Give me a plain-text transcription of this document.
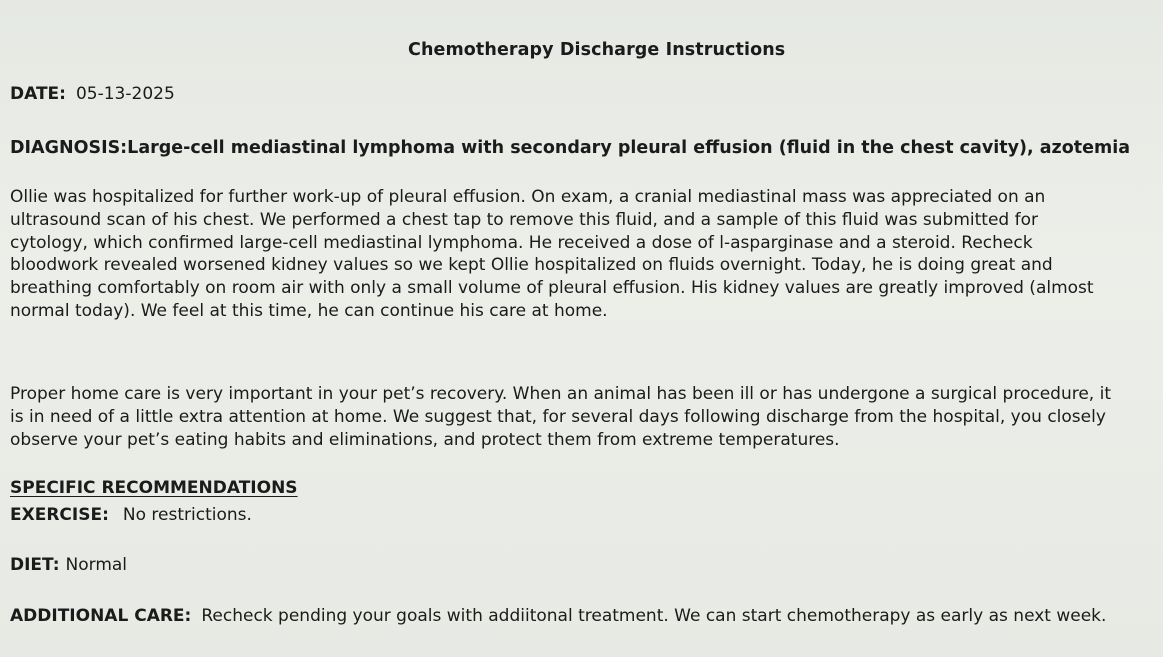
Chemotherapy Discharge Instructions
DATE: 05-13-2025
DIAGNOSIS:Large-cell mediastinal lymphoma with secondary pleural effusion (fluid in the chest cavity), azotemia
Ollie was hospitalized for further work-up of pleural effusion. On exam, a cranial mediastinal mass was appreciated on an
ultrasound scan of his chest. We performed a chest tap to remove this fluid, and a sample of this fluid was submitted for
cytology, which confirmed large-cell mediastinal lymphoma. He received a dose of l-asparginase and a steroid. Recheck
bloodwork revealed worsened kidney values so we kept Ollie hospitalized on fluids overnight. Today, he is doing great and
breathing comfortably on room air with only a small volume of pleural effusion. His kidney values are greatly improved (almost
normal today). We feel at this time, he can continue his care at home.
Proper home care is very important in your pet’s recovery. When an animal has been ill or has undergone a surgical procedure, it
is in need of a little extra attention at home. We suggest that, for several days following discharge from the hospital, you closely
observe your pet’s eating habits and eliminations, and protect them from extreme temperatures.
SPECIFIC RECOMMENDATIONS
EXERCISE: No restrictions.
DIET: Normal
ADDITIONAL CARE: Recheck pending your goals with addiitonal treatment. We can start chemotherapy as early as next week.
